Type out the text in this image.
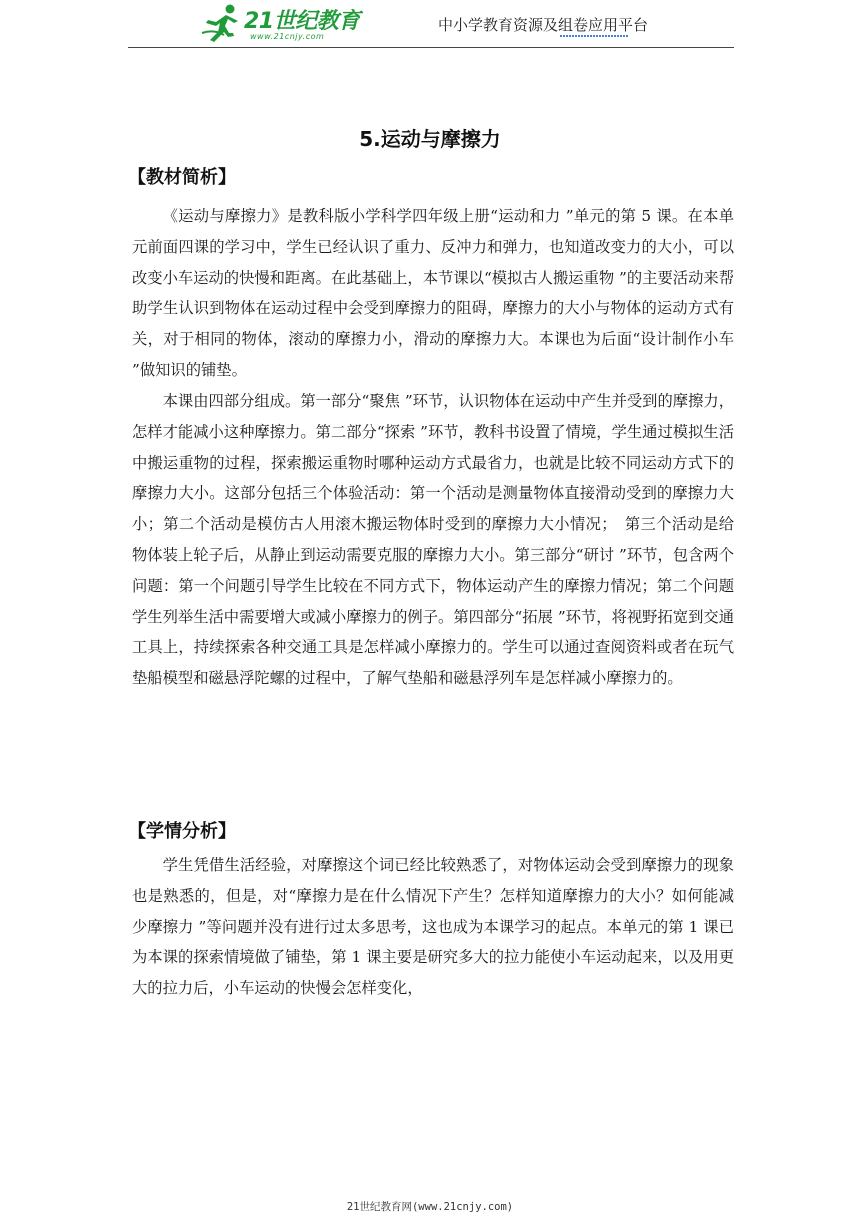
21世纪教育
www.21cnjy.com
中小学教育资源及组卷应用平台
5.运动与摩擦力
【教材简析】

《运动与摩擦力》是教科版小学科学四年级上册“运动和力 ”单元的第 5 课。在本单元前面四课的学习中，学生已经认识了重力、反冲力和弹力，也知道改变力的大小，可以改变小车运动的快慢和距离。在此基础上，本节课以“模拟古人搬运重物 ”的主要活动来帮助学生认识到物体在运动过程中会受到摩擦力的阻碍，摩擦力的大小与物体的运动方式有关，对于相同的物体，滚动的摩擦力小，滑动的摩擦力大。本课也为后面“设计制作小车 ”做知识的铺垫。

本课由四部分组成。第一部分“聚焦 ”环节，认识物体在运动中产生并受到的摩擦力，怎样才能减小这种摩擦力。第二部分“探索 ”环节，教科书设置了情境，学生通过模拟生活中搬运重物的过程，探索搬运重物时哪种运动方式最省力，也就是比较不同运动方式下的摩擦力大小。这部分包括三个体验活动：第一个活动是测量物体直接滑动受到的摩擦力大小；第二个活动是模仿古人用滚木搬运物体时受到的摩擦力大小情况；　第三个活动是给物体装上轮子后，从静止到运动需要克服的摩擦力大小。第三部分“研讨 ”环节，包含两个问题：第一个问题引导学生比较在不同方式下，物体运动产生的摩擦力情况；第二个问题学生列举生活中需要增大或减小摩擦力的例子。第四部分“拓展 ”环节，将视野拓宽到交通工具上，持续探索各种交通工具是怎样减小摩擦力的。学生可以通过查阅资料或者在玩气垫船模型和磁悬浮陀螺的过程中，了解气垫船和磁悬浮列车是怎样减小摩擦力的。

【学情分析】

学生凭借生活经验，对摩擦这个词已经比较熟悉了，对物体运动会受到摩擦力的现象也是熟悉的，但是，对“摩擦力是在什么情况下产生？怎样知道摩擦力的大小？如何能减少摩擦力 ”等问题并没有进行过太多思考，这也成为本课学习的起点。本单元的第 1 课已为本课的探索情境做了铺垫，第 1 课主要是研究多大的拉力能使小车运动起来，以及用更大的拉力后，小车运动的快慢会怎样变化，

21世纪教育网(www.21cnjy.com)
